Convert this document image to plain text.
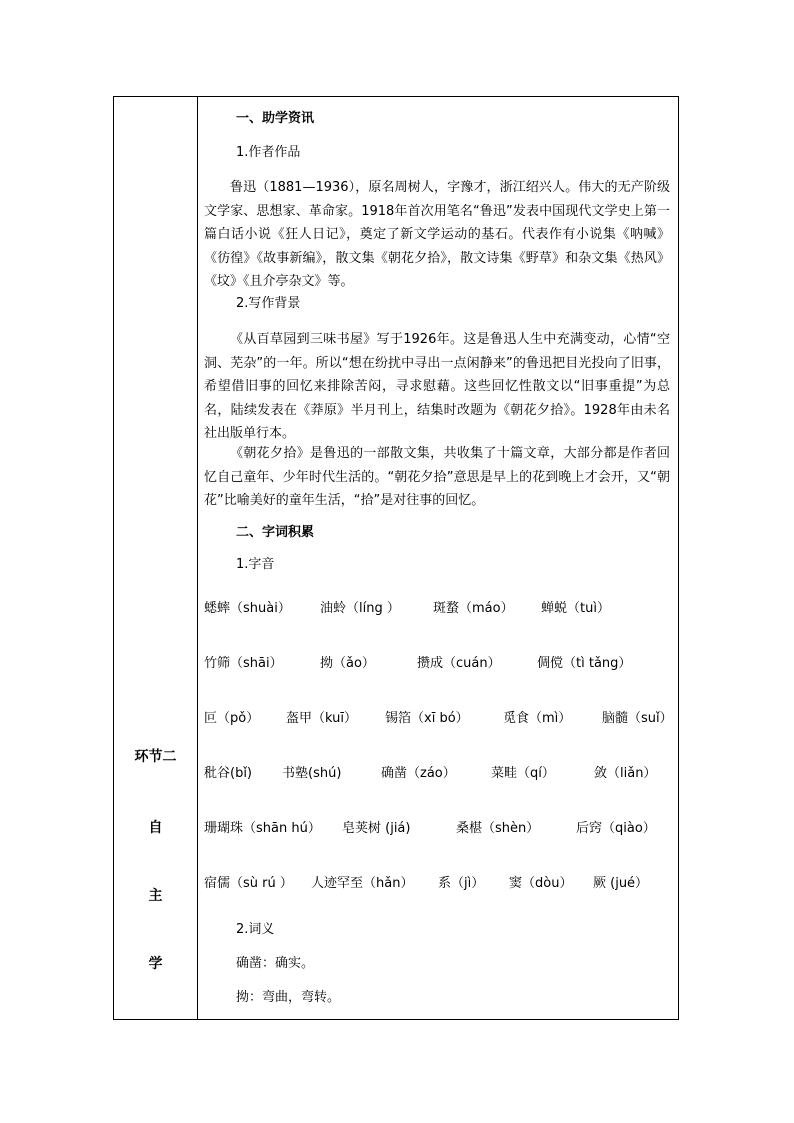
环节二
自
主
学
一、助学资讯
1.作者作品
鲁迅（1881—1936），原名周树人，字豫才，浙江绍兴人。伟大的无产阶级文学家、思想家、革命家。1918年首次用笔名“鲁迅”发表中国现代文学史上第一篇白话小说《狂人日记》，奠定了新文学运动的基石。代表作有小说集《呐喊》《彷徨》《故事新编》，散文集《朝花夕拾》，散文诗集《野草》和杂文集《热风》《坟》《且介亭杂文》等。
2.写作背景
《从百草园到三味书屋》写于1926年。这是鲁迅人生中充满变动，心情“空洞、芜杂”的一年。所以“想在纷扰中寻出一点闲静来”的鲁迅把目光投向了旧事，希望借旧事的回忆来排除苦闷，寻求慰藉。这些回忆性散文以“旧事重提”为总名，陆续发表在《莽原》半月刊上，结集时改题为《朝花夕拾》。1928年由未名社出版单行本。
《朝花夕拾》是鲁迅的一部散文集，共收集了十篇文章，大部分都是作者回忆自己童年、少年时代生活的。“朝花夕拾”意思是早上的花到晚上才会开，又“朝花”比喻美好的童年生活，“拾”是对往事的回忆。
二、字词积累
1.字音
蟋蟀（shuài） 油蛉（líng ）	斑蝥（máo） 蝉蜕（tuì）
竹筛（shāi）	拗（ǎo）	攒成（cuán）	倜傥（tì tǎng）
叵（pǒ） 盔甲（kuī） 锡箔（xī bó）	觅食（mì） 脑髓（suǐ）
秕谷(bǐ) 书塾(shú)	确凿（záo）	菜畦（qí）	敛（liǎn）
珊瑚珠（shān hú） 皂荚树 (jiá)	桑椹（shèn）	后窍（qiào）
宿儒（sù rú ） 人迹罕至（hǎn） 系（jì） 窦（dòu） 厥 (jué）
2.词义
确凿：确实。
拗：弯曲，弯转。
